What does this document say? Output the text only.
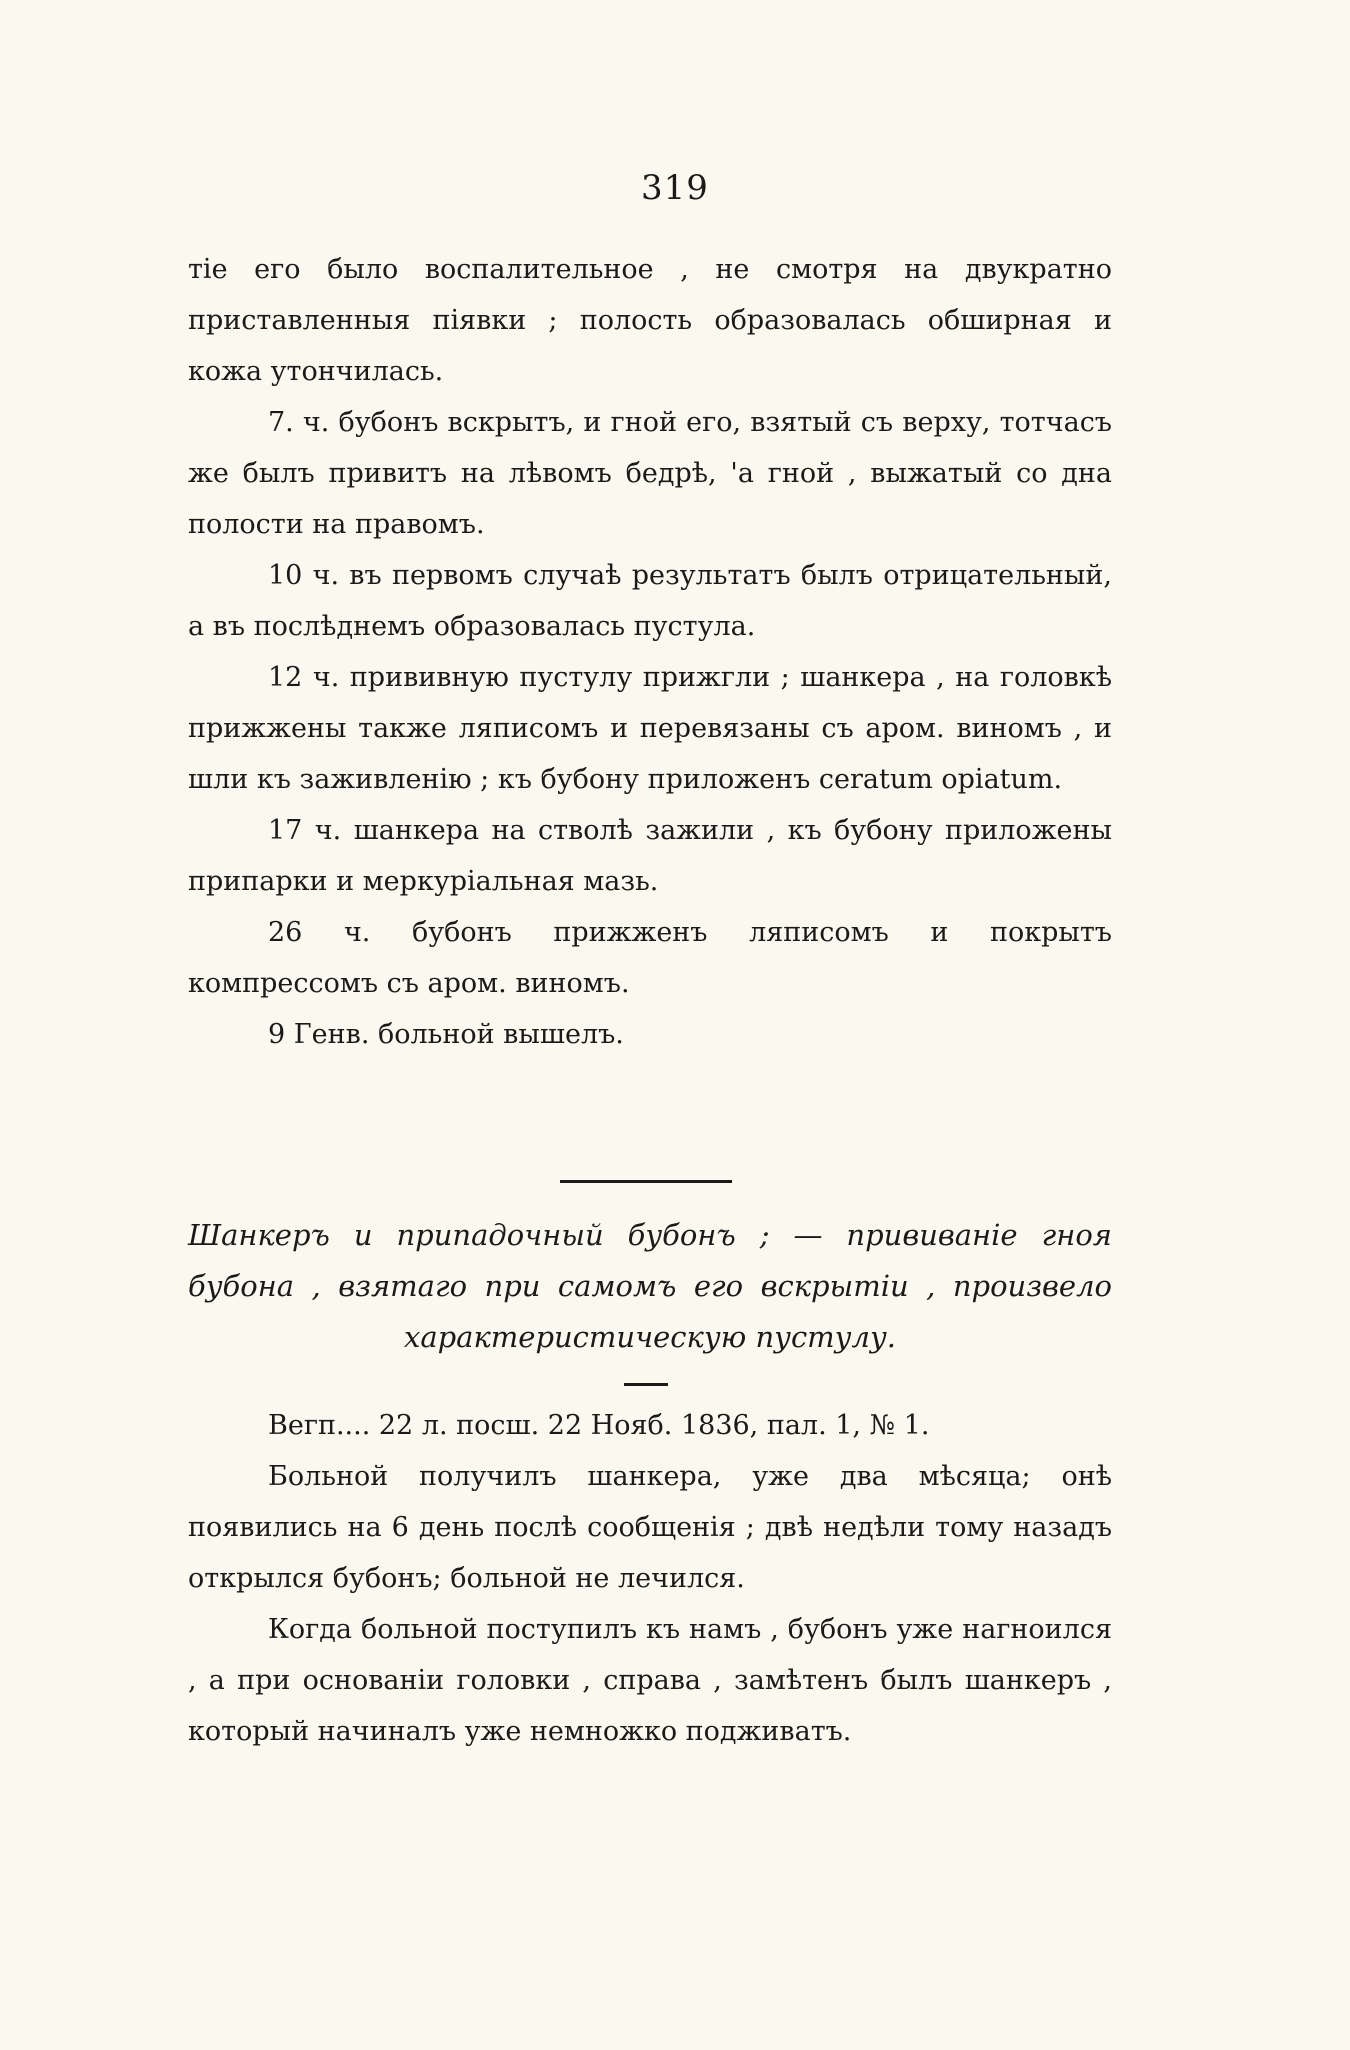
319

тіе его было воспалительное , не смотря на двукратно приставленныя піявки ; полость образовалась обширная и кожа утончилась.

7. ч. бубонъ вскрытъ, и гной его, взятый съ верху, тотчасъ же былъ привитъ на лѣвомъ бедрѣ, 'а гной , выжатый со дна полости на правомъ.

10 ч. въ первомъ случаѣ результатъ былъ отрицательный, а въ послѣднемъ образовалась пустула.

12 ч. прививную пустулу прижгли ; шанкера , на головкѣ прижжены также ляписомъ и перевязаны съ аром. виномъ , и шли къ заживленію ; къ бубону приложенъ ceratum opiatum.

17 ч. шанкера на стволѣ зажили , къ бубону приложены припарки и меркуріальная мазь.

26 ч. бубонъ прижженъ ляписомъ и покрытъ компрессомъ съ аром. виномъ.

9 Генв. больной вышелъ.

Шанкеръ и припадочный бубонъ ; — прививаніе гноя бубона , взятаго при самомъ его вскрытіи , произвело характеристическую пустулу.

Вегп.... 22 л. посш. 22 Нояб. 1836, пал. 1, № 1.

Больной получилъ шанкера, уже два мѣсяца; онѣ появились на 6 день послѣ сообщенія ; двѣ недѣли тому назадъ открылся бубонъ; больной не лечился.

Когда больной поступилъ къ намъ , бубонъ уже нагноился , а при основаніи головки , справа , замѣтенъ былъ шанкеръ , который начиналъ уже немножко подживатъ.
